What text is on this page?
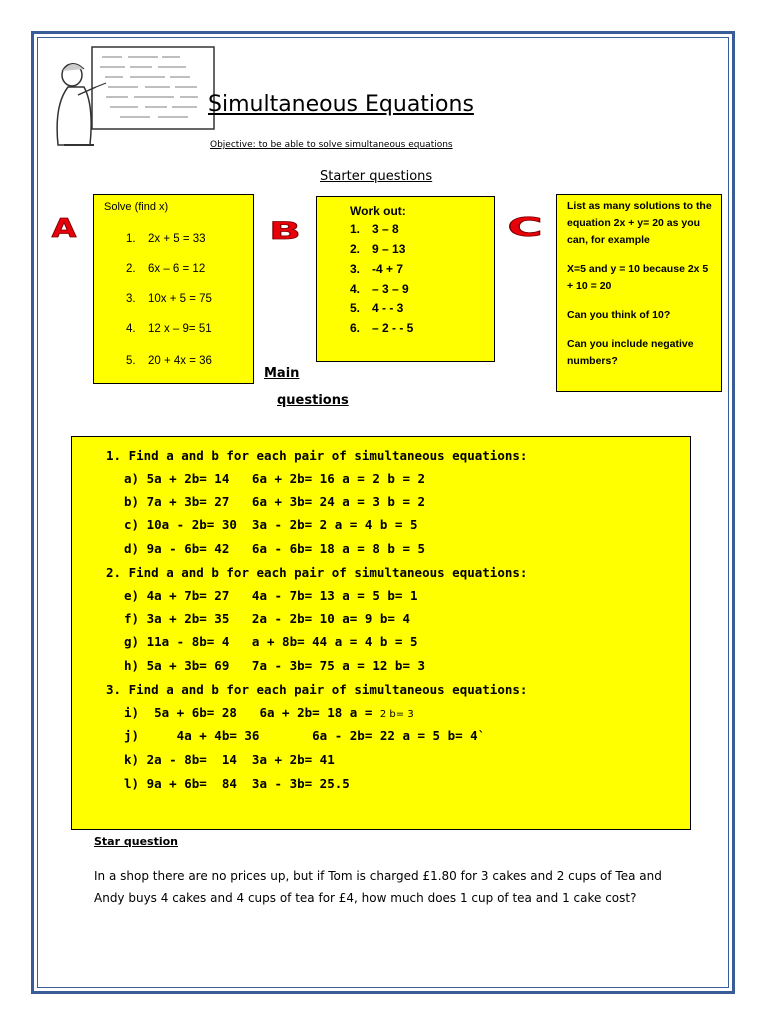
Simultaneous Equations
Objective: to be able to solve simultaneous equations
Starter questions
A	B	C
Solve (find x)
1. 2x + 5 = 33
2. 6x – 6 = 12
3. 10x + 5 = 75
4. 12 x – 9= 51
5. 20 + 4x = 36
Work out:
1. 3 – 8
2. 9 – 13
3. -4 + 7
4. – 3 – 9
5. 4 - - 3
6. – 2 - - 5
List as many solutions to the equation 2x + y= 20 as you can, for example
X=5 and y = 10 because 2x 5 + 10 = 20
Can you think of 10?
Can you include negative numbers?
Main
questions
1. Find a and b for each pair of simultaneous equations:
a) 5a + 2b= 14   6a + 2b= 16 a = 2 b = 2
b) 7a + 3b= 27   6a + 3b= 24 a = 3 b = 2
c) 10a - 2b= 30  3a - 2b= 2 a = 4 b = 5
d) 9a - 6b= 42   6a - 6b= 18 a = 8 b = 5
2. Find a and b for each pair of simultaneous equations:
e) 4a + 7b= 27   4a - 7b= 13 a = 5 b= 1
f) 3a + 2b= 35   2a - 2b= 10 a= 9 b= 4
g) 11a - 8b= 4   a + 8b= 44 a = 4 b = 5
h) 5a + 3b= 69   7a - 3b= 75 a = 12 b= 3
3. Find a and b for each pair of simultaneous equations:
i)  5a + 6b= 28   6a + 2b= 18 a = 2 b= 3
j)     4a + 4b= 36       6a - 2b= 22 a = 5 b= 4`
k) 2a - 8b=  14  3a + 2b= 41
l) 9a + 6b=  84  3a - 3b= 25.5
Star question
In a shop there are no prices up, but if Tom is charged £1.80 for 3 cakes and 2 cups of Tea and Andy buys 4 cakes and 4 cups of tea for £4, how much does 1 cup of tea and 1 cake cost?
